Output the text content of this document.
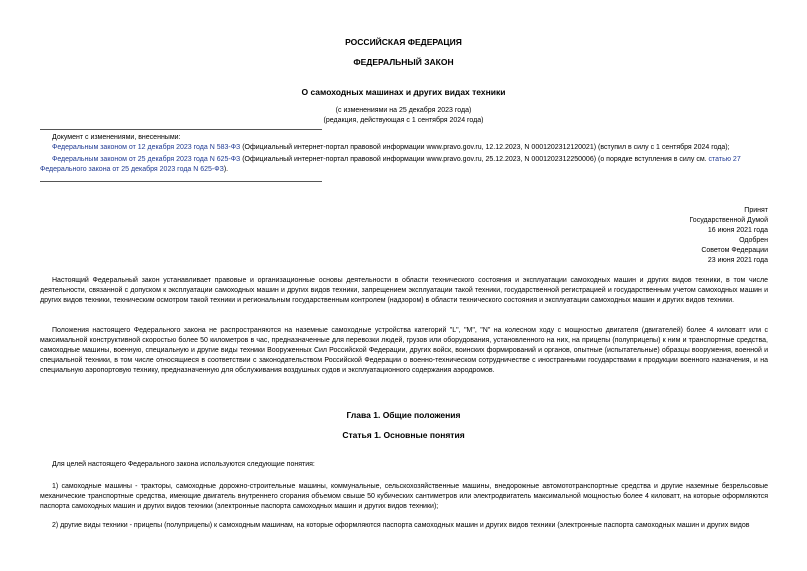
РОССИЙСКАЯ ФЕДЕРАЦИЯ
ФЕДЕРАЛЬНЫЙ ЗАКОН
О самоходных машинах и других видах техники
(с изменениями на 25 декабря 2023 года)
(редакция, действующая с 1 сентября 2024 года)
Документ с изменениями, внесенными:
Федеральным законом от 12 декабря 2023 года N 583-ФЗ (Официальный интернет-портал правовой информации www.pravo.gov.ru, 12.12.2023, N 0001202312120021) (вступил в силу с 1 сентября 2024 года);
Федеральным законом от 25 декабря 2023 года N 625-ФЗ (Официальный интернет-портал правовой информации www.pravo.gov.ru, 25.12.2023, N 0001202312250006) (о порядке вступления в силу см. статью 27 Федерального закона от 25 декабря 2023 года N 625-ФЗ).
Принят
Государственной Думой
16 июня 2021 года
Одобрен
Советом Федерации
23 июня 2021 года
Настоящий Федеральный закон устанавливает правовые и организационные основы деятельности в области технического состояния и эксплуатации самоходных машин и других видов техники, в том числе деятельности, связанной с допуском к эксплуатации самоходных машин и других видов техники, запрещением эксплуатации такой техники, государственной регистрацией и государственным учетом самоходных машин и других видов техники, техническим осмотром такой техники и региональным государственным контролем (надзором) в области технического состояния и эксплуатации самоходных машин и других видов техники.
Положения настоящего Федерального закона не распространяются на наземные самоходные устройства категорий "L", "M", "N" на колесном ходу с мощностью двигателя (двигателей) более 4 киловатт или с максимальной конструктивной скоростью более 50 километров в час, предназначенные для перевозки людей, грузов или оборудования, установленного на них, на прицепы (полуприцепы) к ним и транспортные средства, самоходные машины, военную, специальную и другие виды техники Вооруженных Сил Российской Федерации, других войск, воинских формирований и органов, опытные (испытательные) образцы вооружения, военной и специальной техники, в том числе относящиеся в соответствии с законодательством Российской Федерации о военно-техническом сотрудничестве с иностранными государствами к продукции военного назначения, и на специальную аэропортовую технику, предназначенную для обслуживания воздушных судов и эксплуатационного содержания аэродромов.
Глава 1. Общие положения
Статья 1. Основные понятия
Для целей настоящего Федерального закона используются следующие понятия:
1) самоходные машины - тракторы, самоходные дорожно-строительные машины, коммунальные, сельскохозяйственные машины, внедорожные автомототранспортные средства и другие наземные безрельсовые механические транспортные средства, имеющие двигатель внутреннего сгорания объемом свыше 50 кубических сантиметров или электродвигатель максимальной мощностью более 4 киловатт, на которые оформляются паспорта самоходных машин и других видов техники (электронные паспорта самоходных машин и других видов техники);
2) другие виды техники - прицепы (полуприцепы) к самоходным машинам, на которые оформляются паспорта самоходных машин и других видов техники (электронные паспорта самоходных машин и других видов
